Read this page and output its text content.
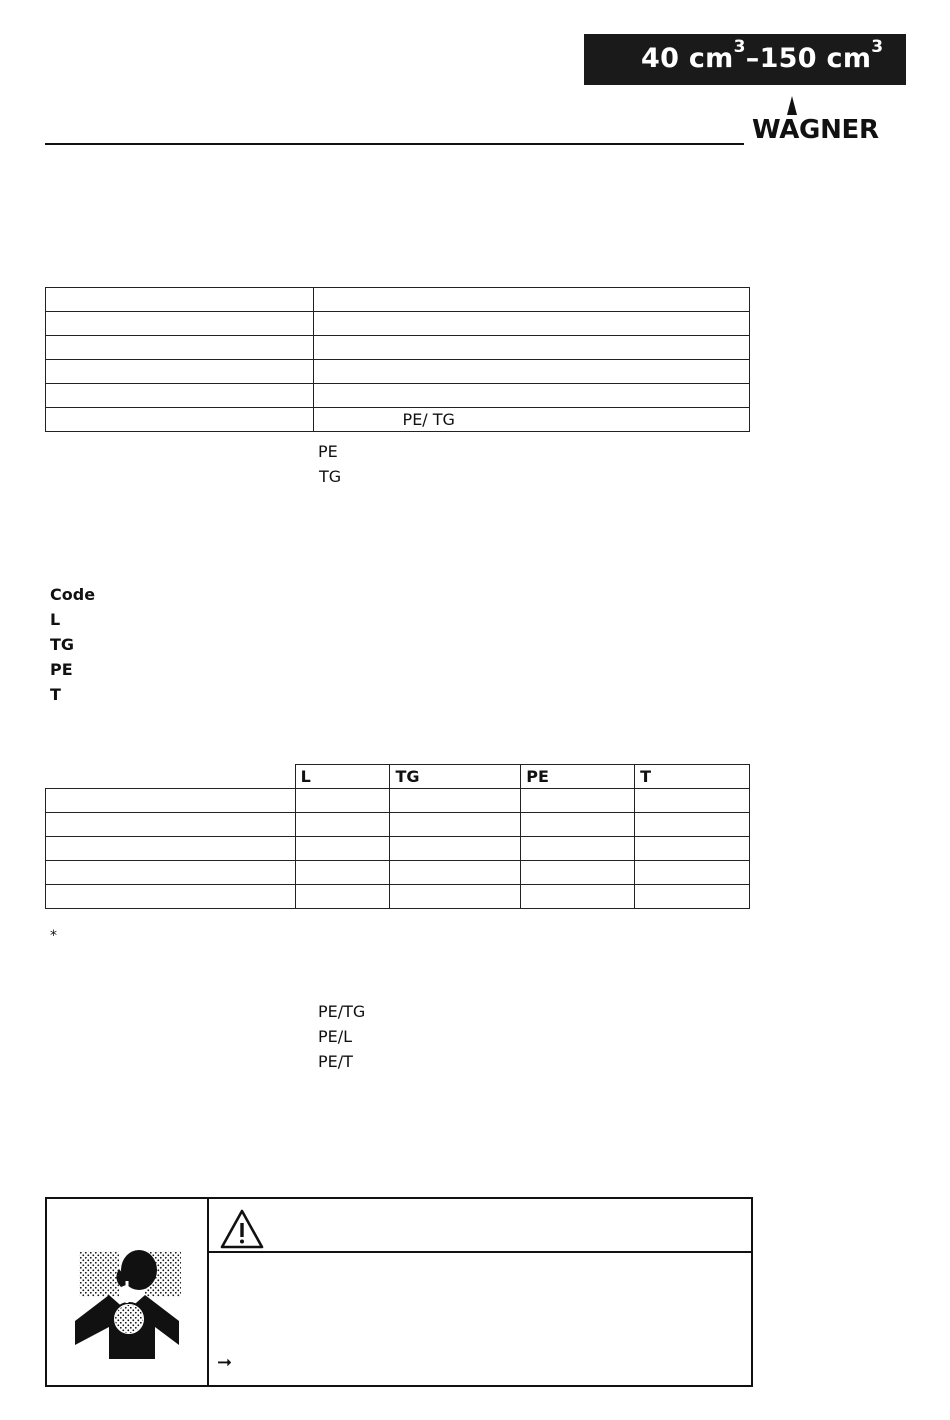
40 $cm^3-150$ $cm^3$
WAGNER

	PE/ TG
PE
TG
Code
L
TG
PE
T
	L	TG	PE	T

*
PE/TG
PE/L
PE/T
➞
